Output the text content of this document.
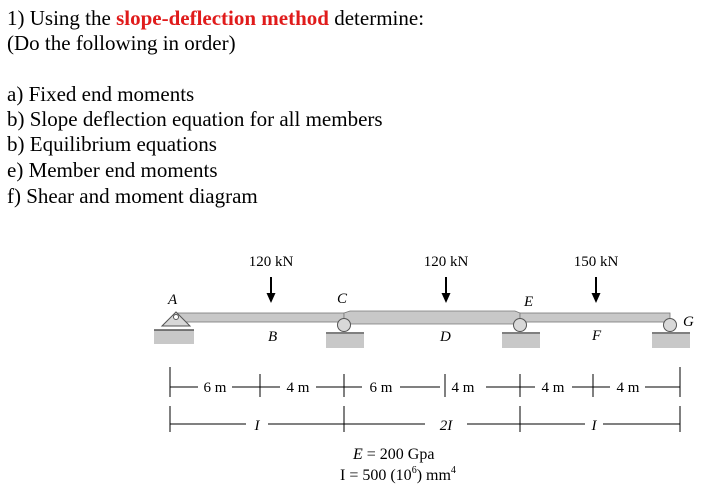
1) Using the slope-deflection method determine:
(Do the following in order)
a) Fixed end moments
b) Slope deflection equation for all members
b) Equilibrium equations
e) Member end moments
f) Shear and moment diagram
120 kN	120 kN	150 kN
A
B
C
D
E
F
G
6 m	4 m	6 m	4 m	4 m	4 m
I	2I	I
E = 200 Gpa
I = 500 $(10^6)$ $mm^4$
